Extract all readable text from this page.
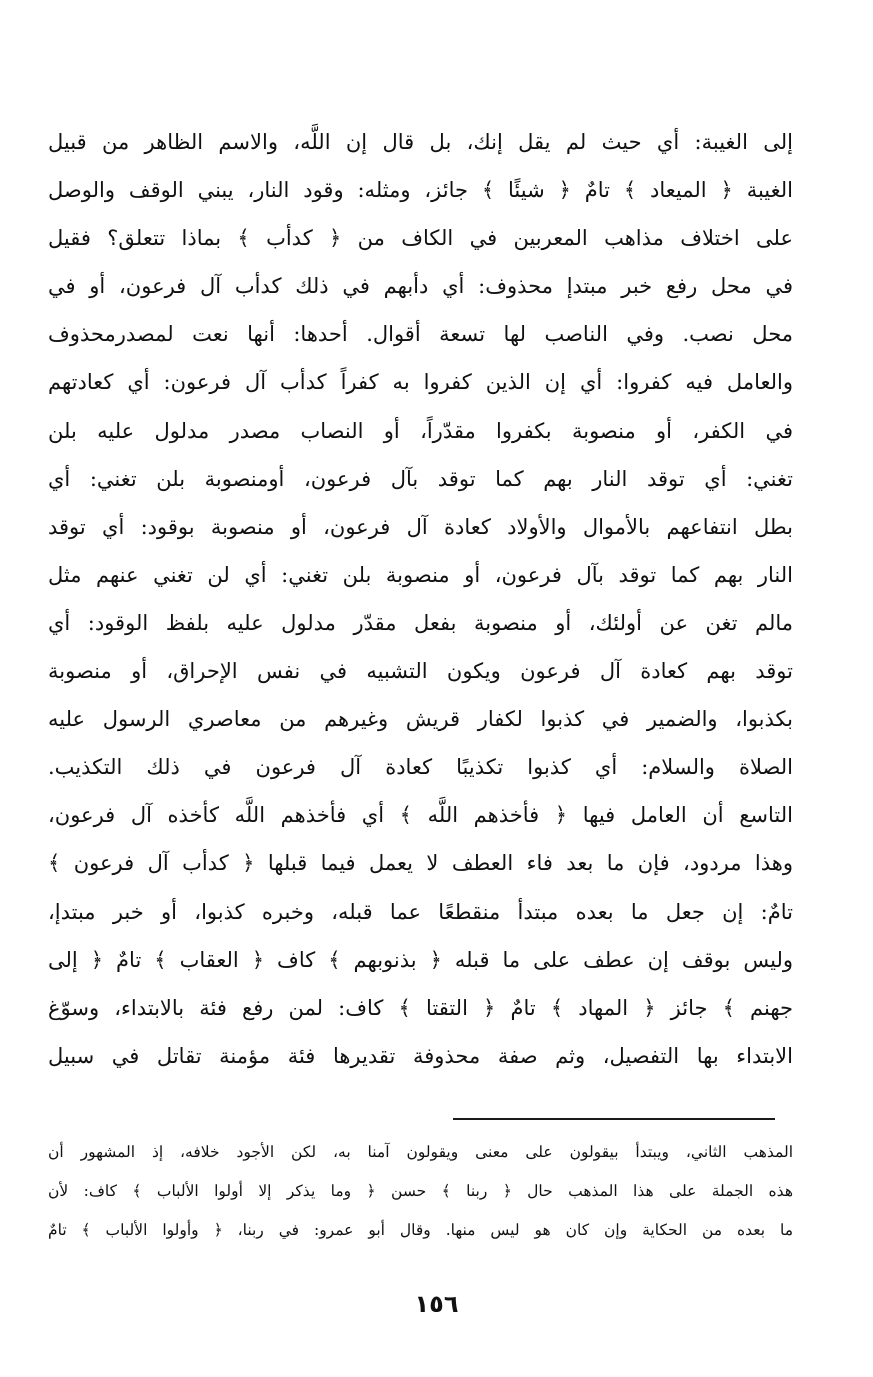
إلى الغيبة: أي حيث لم يقل إنك، بل قال إن اللَّه، والاسم الظاهر من قبيل
الغيبة ﴿ الميعاد ﴾ تامٌ ﴿ شيئًا ﴾ جائز، ومثله: وقود النار، يبني الوقف والوصل
على اختلاف مذاهب المعربين في الكاف من ﴿ كدأب ﴾ بماذا تتعلق؟ فقيل
في محل رفع خبر مبتدإ محذوف: أي دأبهم في ذلك كدأب آل فرعون، أو في
محل نصب. وفي الناصب لها تسعة أقوال. أحدها: أنها نعت لمصدرمحذوف
والعامل فيه كفروا: أي إن الذين كفروا به كفراً كدأب آل فرعون: أي كعادتهم
في الكفر، أو منصوبة بكفروا مقدّراً، أو النصاب مصدر مدلول عليه بلن
تغني: أي توقد النار بهم كما توقد بآل فرعون، أومنصوبة بلن تغني: أي
بطل انتفاعهم بالأموال والأولاد كعادة آل فرعون، أو منصوبة بوقود: أي توقد
النار بهم كما توقد بآل فرعون، أو منصوبة بلن تغني: أي لن تغني عنهم مثل
مالم تغن عن أولئك، أو منصوبة بفعل مقدّر مدلول عليه بلفظ الوقود: أي
توقد بهم كعادة آل فرعون ويكون التشبيه في نفس الإحراق، أو منصوبة
بكذبوا، والضمير في كذبوا لكفار قريش وغيرهم من معاصري الرسول عليه
الصلاة والسلام: أي كذبوا تكذيبًا كعادة آل فرعون في ذلك التكذيب.
التاسع أن العامل فيها ﴿ فأخذهم اللَّه ﴾ أي فأخذهم اللَّه كأخذه آل فرعون،
وهذا مردود، فإن ما بعد فاء العطف لا يعمل فيما قبلها ﴿ كدأب آل فرعون ﴾
تامٌ: إن جعل ما بعده مبتدأ منقطعًا عما قبله، وخبره كذبوا، أو خبر مبتدإ،
وليس بوقف إن عطف على ما قبله ﴿ بذنوبهم ﴾ كاف ﴿ العقاب ﴾ تامٌ ﴿ إلى
جهنم ﴾ جائز ﴿ المهاد ﴾ تامٌ ﴿ التقتا ﴾ كاف: لمن رفع فئة بالابتداء، وسوّغ
الابتداء بها التفصيل، وثم صفة محذوفة تقديرها فئة مؤمنة تقاتل في سبيل
المذهب الثاني، ويبتدأ بيقولون على معنى ويقولون آمنا به، لكن الأجود خلافه، إذ المشهور أن
هذه الجملة على هذا المذهب حال ﴿ ربنا ﴾ حسن ﴿ وما يذكر إلا أولوا الألباب ﴾ كاف: لأن
ما بعده من الحكاية وإن كان هو ليس منها. وقال أبو عمرو: في ربنا، ﴿ وأولوا الألباب ﴾ تامٌ
١٥٦
